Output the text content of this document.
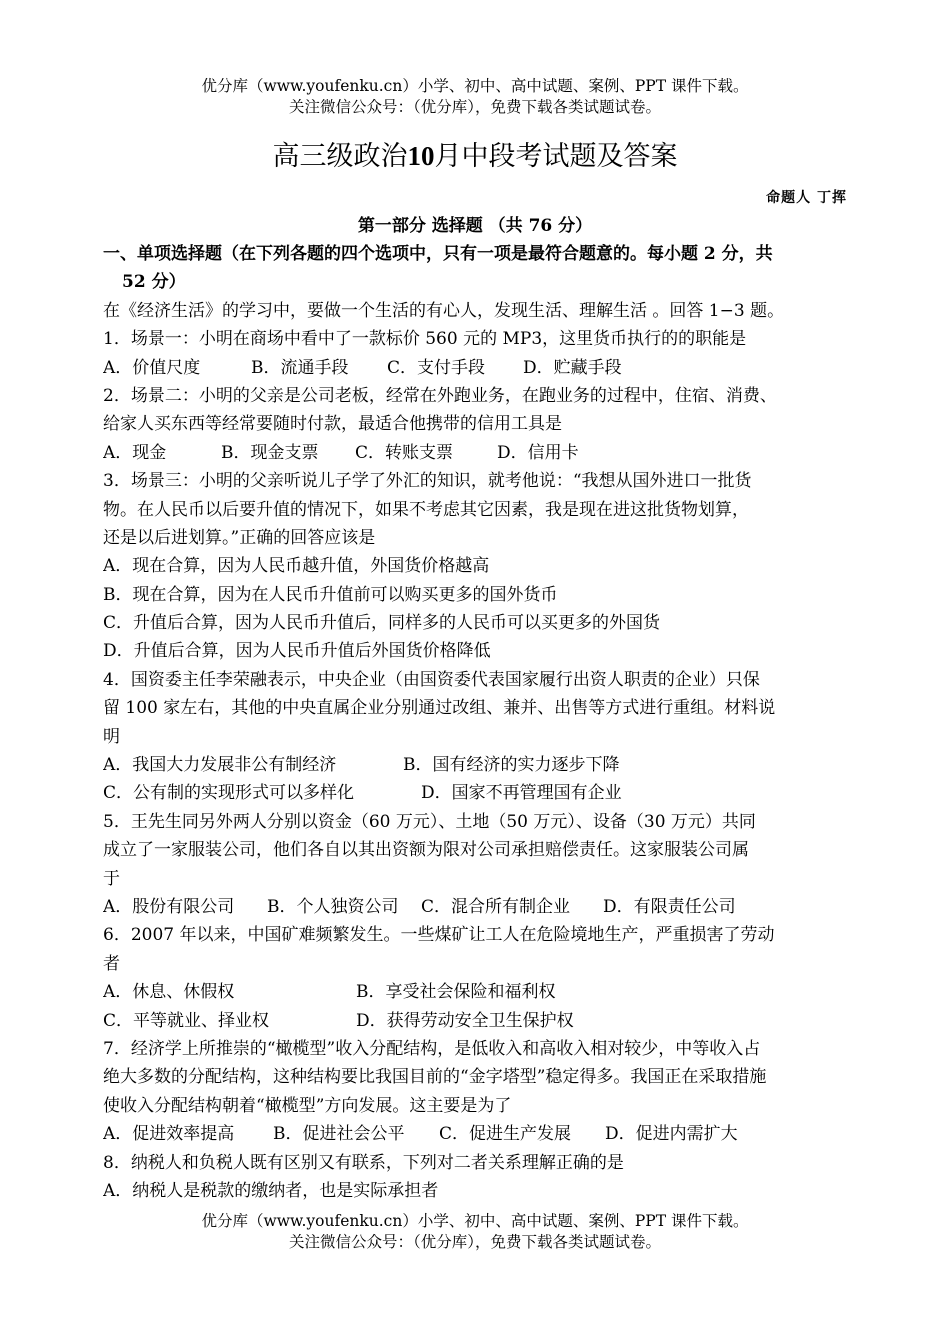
优分库（www.youfenku.cn）小学、初中、高中试题、案例、PPT 课件下载。
关注微信公众号：（优分库），免费下载各类试题试卷。
高三级政治10月中段考试题及答案
命题人 丁挥
第一部分 选择题 （共 76 分）
一、单项选择题（在下列各题的四个选项中，只有一项是最符合题意的。每小题 2 分，共
52 分）
在《经济生活》的学习中，要做一个生活的有心人，发现生活、理解生活 。回答 1−3 题。
1．场景一：小明在商场中看中了一款标价 560 元的 MP3，这里货币执行的的职能是
A．价值尺度	B．流通手段 C．支付手段 D．贮藏手段
2．场景二：小明的父亲是公司老板，经常在外跑业务，在跑业务的过程中，住宿、消费、
给家人买东西等经常要随时付款，最适合他携带的信用工具是
A．现金	B．现金支票 C．转账支票	D．信用卡
3．场景三：小明的父亲听说儿子学了外汇的知识，就考他说：“我想从国外进口一批货
物。在人民币以后要升值的情况下，如果不考虑其它因素，我是现在进这批货物划算，
还是以后进划算。”正确的回答应该是
A．现在合算，因为人民币越升值，外国货价格越高
B．现在合算，因为在人民币升值前可以购买更多的国外货币
C．升值后合算，因为人民币升值后，同样多的人民币可以买更多的外国货
D．升值后合算，因为人民币升值后外国货价格降低
4．国资委主任李荣融表示，中央企业（由国资委代表国家履行出资人职责的企业）只保
留 100 家左右，其他的中央直属企业分别通过改组、兼并、出售等方式进行重组。材料说
明
A．我国大力发展非公有制经济	B．国有经济的实力逐步下降
C．公有制的实现形式可以多样化	D．国家不再管理国有企业
5．王先生同另外两人分别以资金（60 万元）、土地（50 万元）、设备（30 万元）共同
成立了一家服装公司，他们各自以其出资额为限对公司承担赔偿责任。这家服装公司属
于
A．股份有限公司 B．个人独资公司 C．混合所有制企业 D．有限责任公司
6．2007 年以来，中国矿难频繁发生。一些煤矿让工人在危险境地生产，严重损害了劳动
者
A．休息、休假权	B．享受社会保险和福利权
C．平等就业、择业权	D．获得劳动安全卫生保护权
7．经济学上所推崇的“橄榄型”收入分配结构，是低收入和高收入相对较少，中等收入占
绝大多数的分配结构，这种结构要比我国目前的“金字塔型”稳定得多。我国正在采取措施
使收入分配结构朝着“橄榄型”方向发展。这主要是为了
A．促进效率提高 B．促进社会公平 C．促进生产发展 D．促进内需扩大
8．纳税人和负税人既有区别又有联系，下列对二者关系理解正确的是
A．纳税人是税款的缴纳者，也是实际承担者
优分库（www.youfenku.cn）小学、初中、高中试题、案例、PPT 课件下载。
关注微信公众号：（优分库），免费下载各类试题试卷。
